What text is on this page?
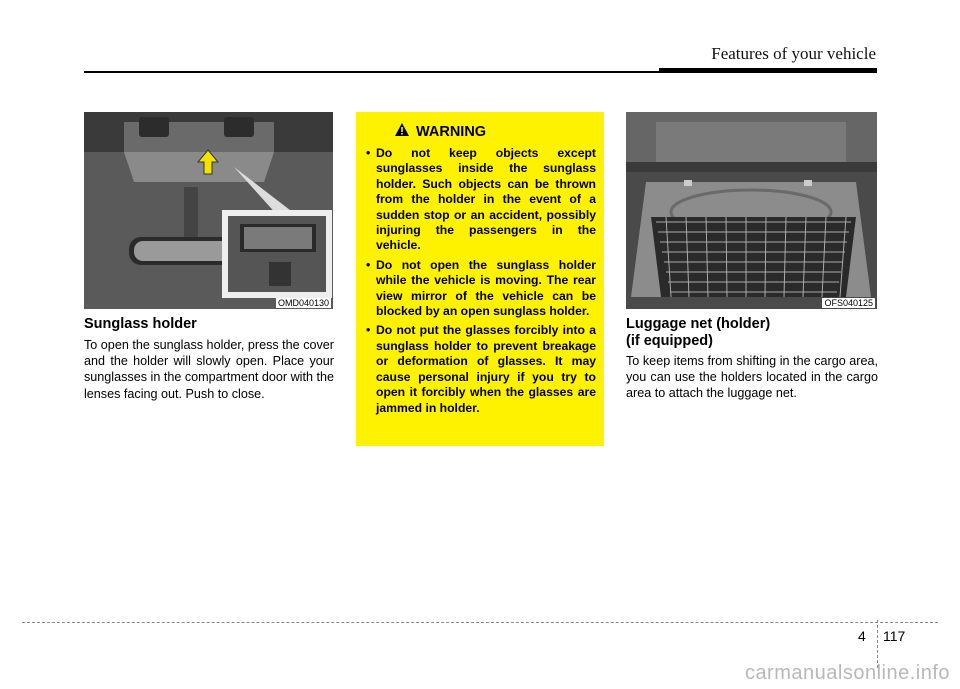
Features of your vehicle
OMD040130
Sunglass holder

To open the sunglass holder, press the cover and the holder will slowly open. Place your sunglasses in the compartment door with the lenses facing out. Push to close.

WARNING
• Do not keep objects except sunglasses inside the sunglass holder. Such objects can be thrown from the holder in the event of a sudden stop or an accident, possibly injuring the passengers in the vehicle.
• Do not open the sunglass holder while the vehicle is moving. The rear view mirror of the vehicle can be blocked by an open sunglass holder.
• Do not put the glasses forcibly into a sunglass holder to prevent breakage or deformation of glasses. It may cause personal injury if you try to open it forcibly when the glasses are jammed in holder.
OFS040125
Luggage net (holder)
(if equipped)

To keep items from shifting in the cargo area, you can use the holders located in the cargo area to attach the luggage net.

4 117
carmanualsonline.info
